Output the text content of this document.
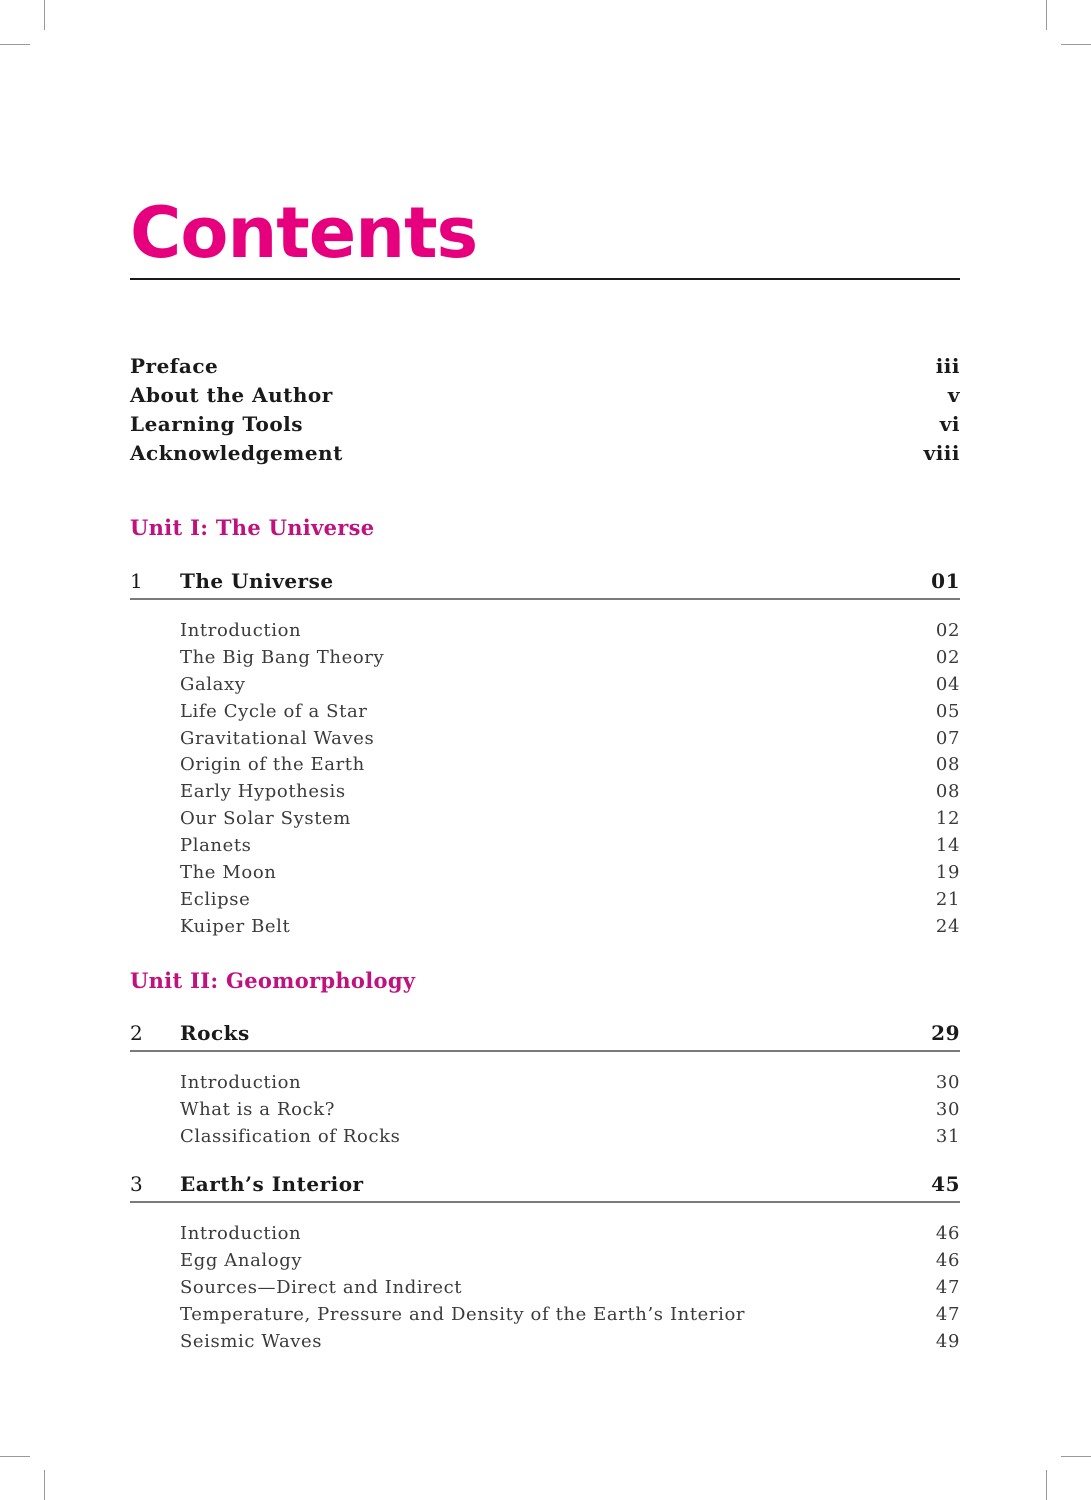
Contents
Preface	iii
About the Author	v
Learning Tools	vi
Acknowledgement	viii
Unit I: The Universe
1 The Universe	01
Introduction	02
The Big Bang Theory	02
Galaxy	04
Life Cycle of a Star	05
Gravitational Waves	07
Origin of the Earth	08
Early Hypothesis	08
Our Solar System	12
Planets	14
The Moon	19
Eclipse	21
Kuiper Belt	24
Unit II: Geomorphology
2 Rocks	29
Introduction	30
What is a Rock?	30
Classification of Rocks	31
3 Earth’s Interior	45
Introduction	46
Egg Analogy	46
Sources—Direct and Indirect	47
Temperature, Pressure and Density of the Earth’s Interior	47
Seismic Waves	49
